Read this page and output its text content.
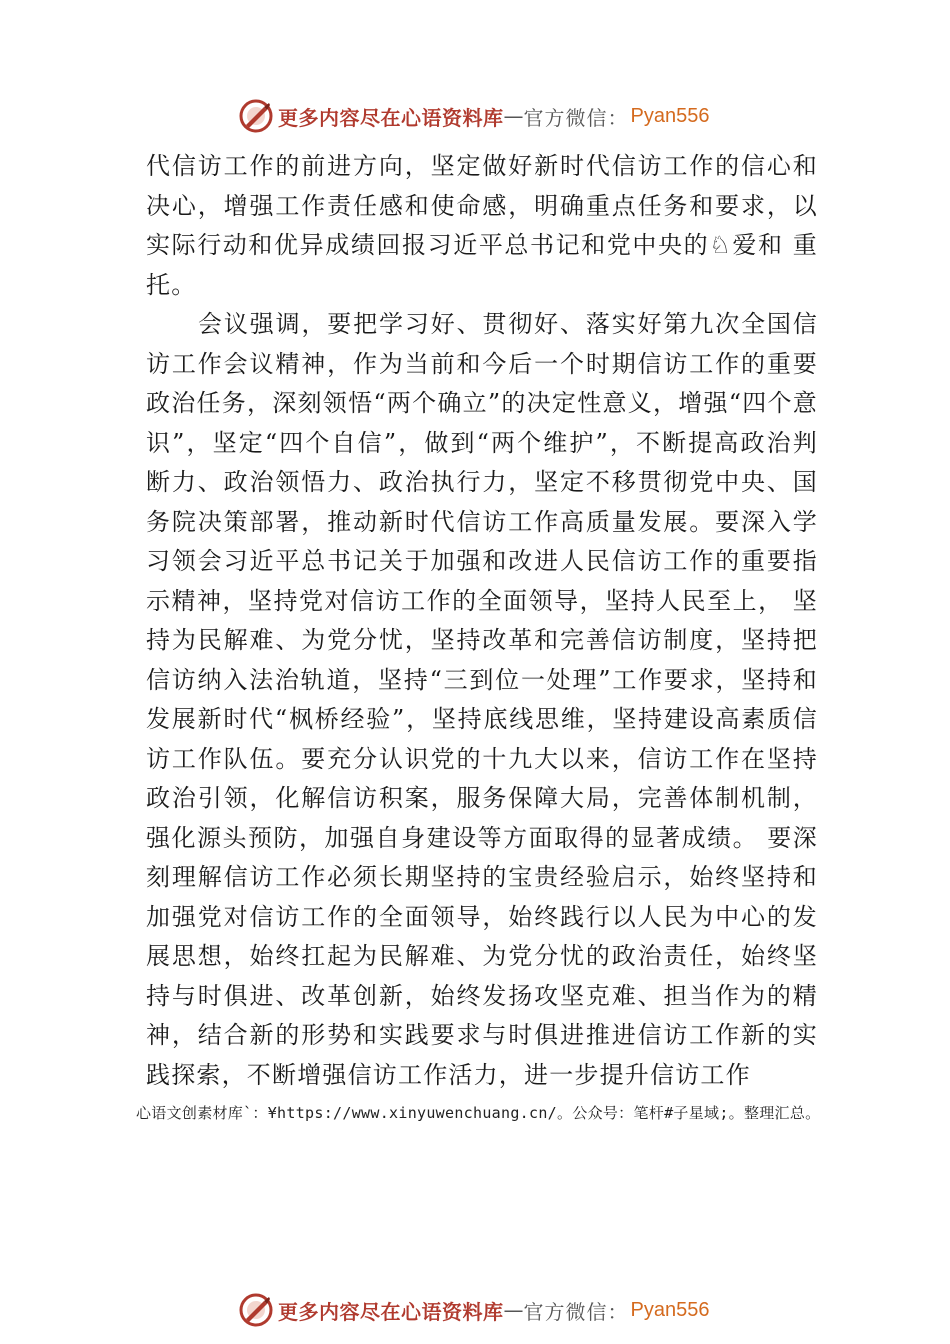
更多内容尽在心语资料库 — 官方微信： Pyan556

代信访工作的前进方向，坚定做好新时代信访工作的信心和决心，增强工作责任感和使命感，明确重点任务和要求，以实际行动和优异成绩回报习近平总书记和党中央的♘爱和 重托。

会议强调，要把学习好、贯彻好、落实好第九次全国信访工作会议精神，作为当前和今后一个时期信访工作的重要政治任务，深刻领悟“两个确立”的决定性意义，增强“四个意识”，坚定“四个自信”，做到“两个维护”，不断提高政治判断力、政治领悟力、政治执行力，坚定不移贯彻党中央、国务院决策部署，推动新时代信访工作高质量发展。要深入学习领会习近平总书记关于加强和改进人民信访工作的重要指示精神，坚持党对信访工作的全面领导，坚持人民至上， 坚持为民解难、为党分忧，坚持改革和完善信访制度，坚持把信访纳入法治轨道，坚持“三到位一处理”工作要求，坚持和发展新时代“枫桥经验”，坚持底线思维，坚持建设高素质信访工作队伍。要充分认识党的十九大以来，信访工作在坚持政治引领，化解信访积案，服务保障大局，完善体制机制，强化源头预防，加强自身建设等方面取得的显著成绩。 要深刻理解信访工作必须长期坚持的宝贵经验启示，始终坚持和加强党对信访工作的全面领导，始终践行以人民为中心的发展思想，始终扛起为民解难、为党分忧的政治责任，始终坚持与时俱进、改革创新，始终发扬攻坚克难、担当作为的精神，结合新的形势和实践要求与时俱进推进信访工作新的实践探索，不断增强信访工作活力，进一步提升信访工作

心语文创素材库`：¥https://www.xinyuwenchuang.cn/。公众号：笔杆#子星域;。整理汇总。
更多内容尽在心语资料库 — 官方微信： Pyan556
